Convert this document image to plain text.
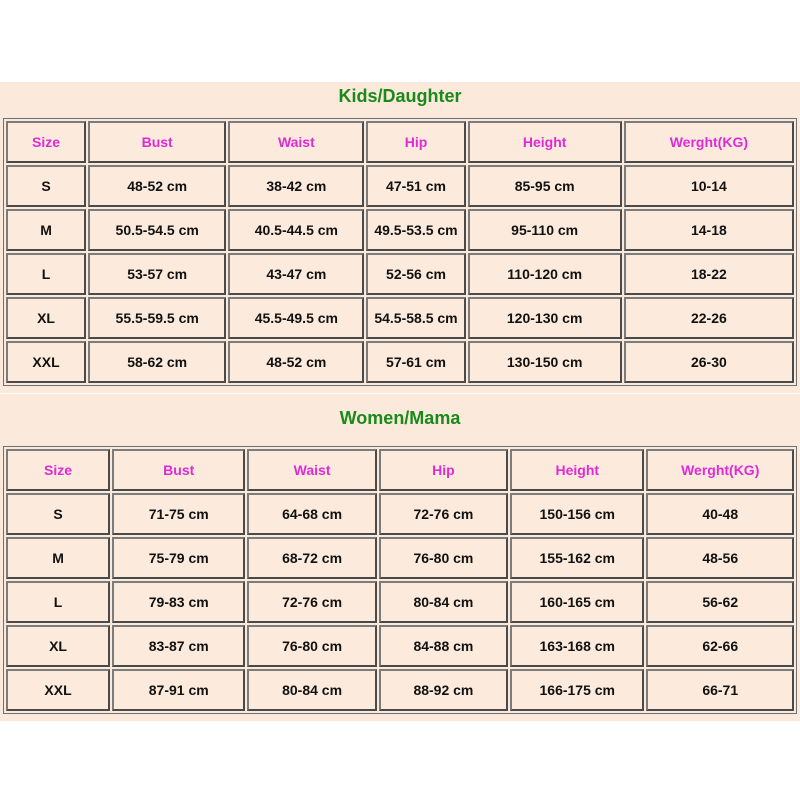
Kids/Daughter
Size	Bust	Waist	Hip	Height	Werght(KG)
S	48-52 cm	38-42 cm	47-51 cm	85-95 cm	10-14
M	50.5-54.5 cm	40.5-44.5 cm	49.5-53.5 cm	95-110 cm	14-18
L	53-57 cm	43-47 cm	52-56 cm	110-120 cm	18-22
XL	55.5-59.5 cm	45.5-49.5 cm	54.5-58.5 cm	120-130 cm	22-26
XXL	58-62 cm	48-52 cm	57-61 cm	130-150 cm	26-30
Women/Mama
Size	Bust	Waist	Hip	Height	Werght(KG)
S	71-75 cm	64-68 cm	72-76 cm	150-156 cm	40-48
M	75-79 cm	68-72 cm	76-80 cm	155-162 cm	48-56
L	79-83 cm	72-76 cm	80-84 cm	160-165 cm	56-62
XL	83-87 cm	76-80 cm	84-88 cm	163-168 cm	62-66
XXL	87-91 cm	80-84 cm	88-92 cm	166-175 cm	66-71
